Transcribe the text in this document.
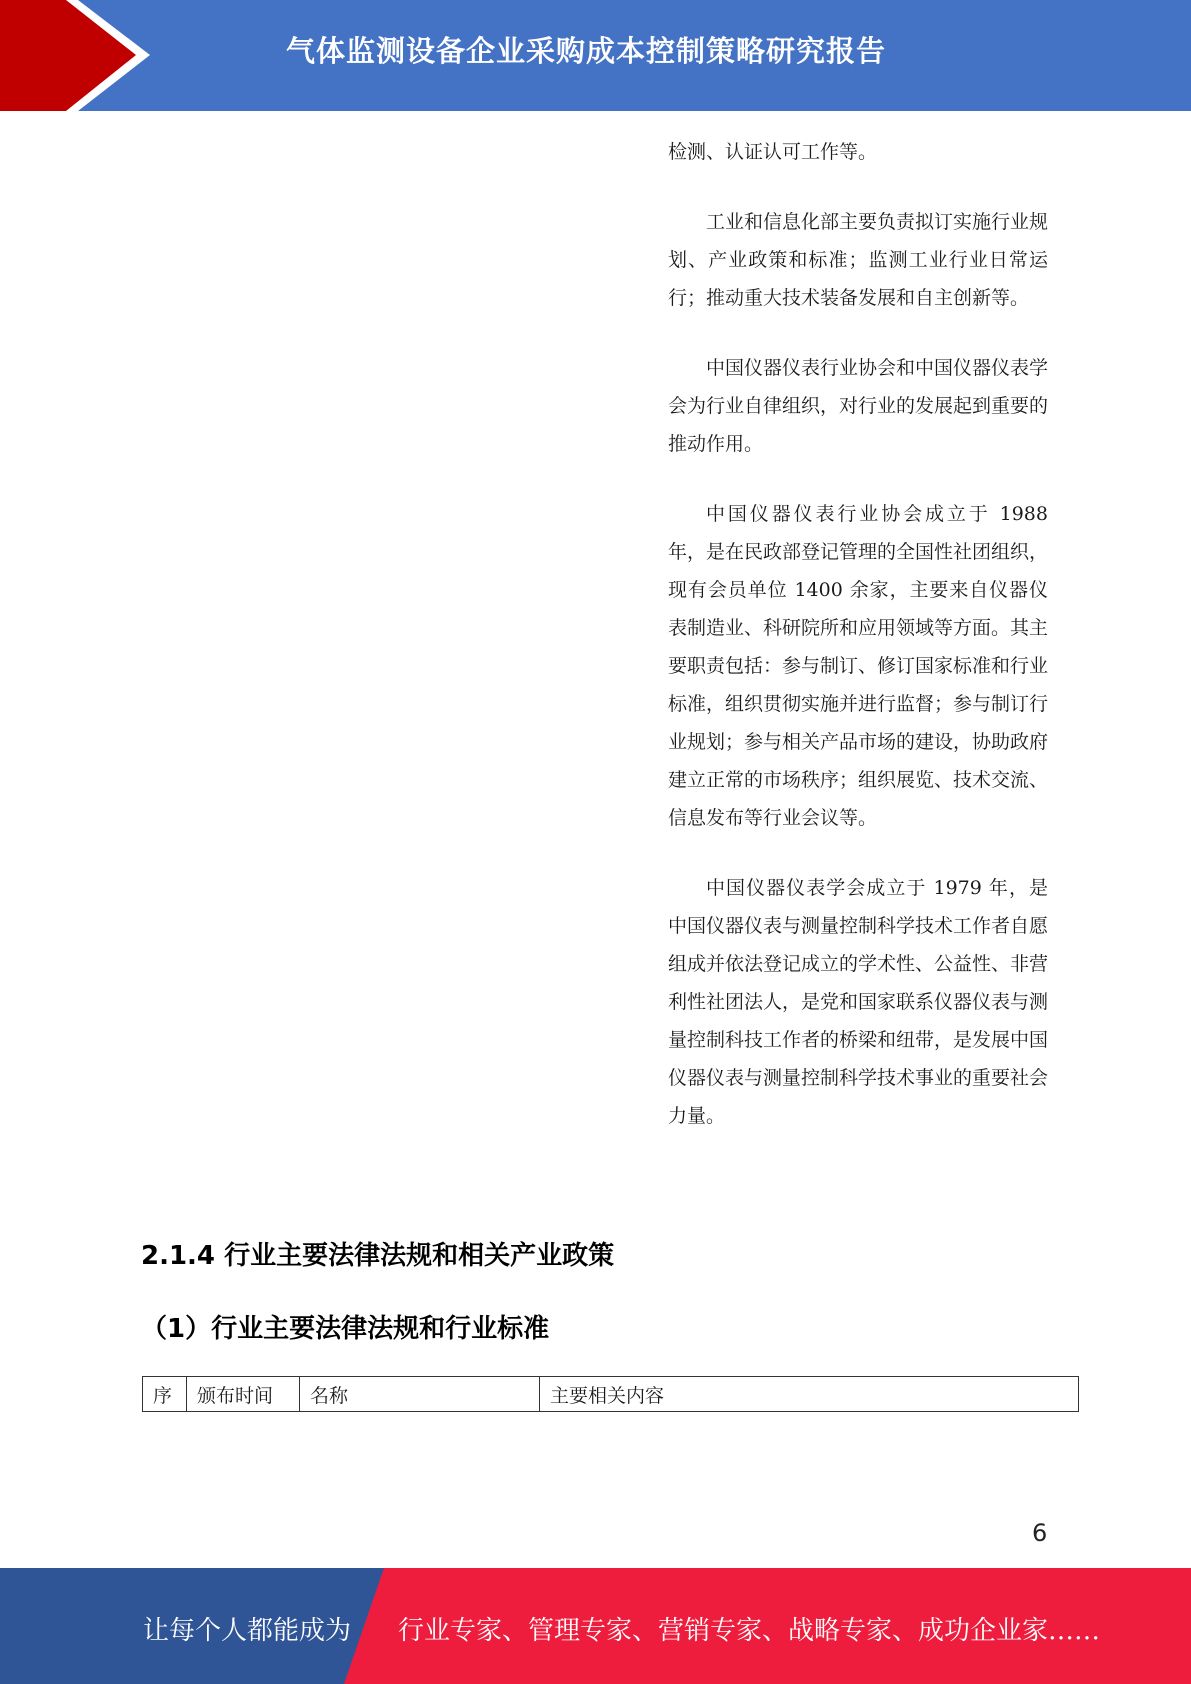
气体监测设备企业采购成本控制策略研究报告

检测、认证认可工作等。

工业和信息化部主要负责拟订实施行业规划、产业政策和标准；监测工业行业日常运行；推动重大技术装备发展和自主创新等。

中国仪器仪表行业协会和中国仪器仪表学会为行业自律组织，对行业的发展起到重要的推动作用。

中国仪器仪表行业协会成立于 1988 年，是在民政部登记管理的全国性社团组织，现有会员单位 1400 余家，主要来自仪器仪表制造业、科研院所和应用领域等方面。其主要职责包括：参与制订、修订国家标准和行业标准，组织贯彻实施并进行监督；参与制订行业规划；参与相关产品市场的建设，协助政府建立正常的市场秩序；组织展览、技术交流、信息发布等行业会议等。

中国仪器仪表学会成立于 1979 年，是中国仪器仪表与测量控制科学技术工作者自愿组成并依法登记成立的学术性、公益性、非营利性社团法人，是党和国家联系仪器仪表与测量控制科技工作者的桥梁和纽带，是发展中国仪器仪表与测量控制科学技术事业的重要社会力量。

2.1.4 行业主要法律法规和相关产业政策
（1）行业主要法律法规和行业标准
序	颁布时间	名称	主要相关内容
6
让每个人都能成为 行业专家、管理专家、营销专家、战略专家、成功企业家……
